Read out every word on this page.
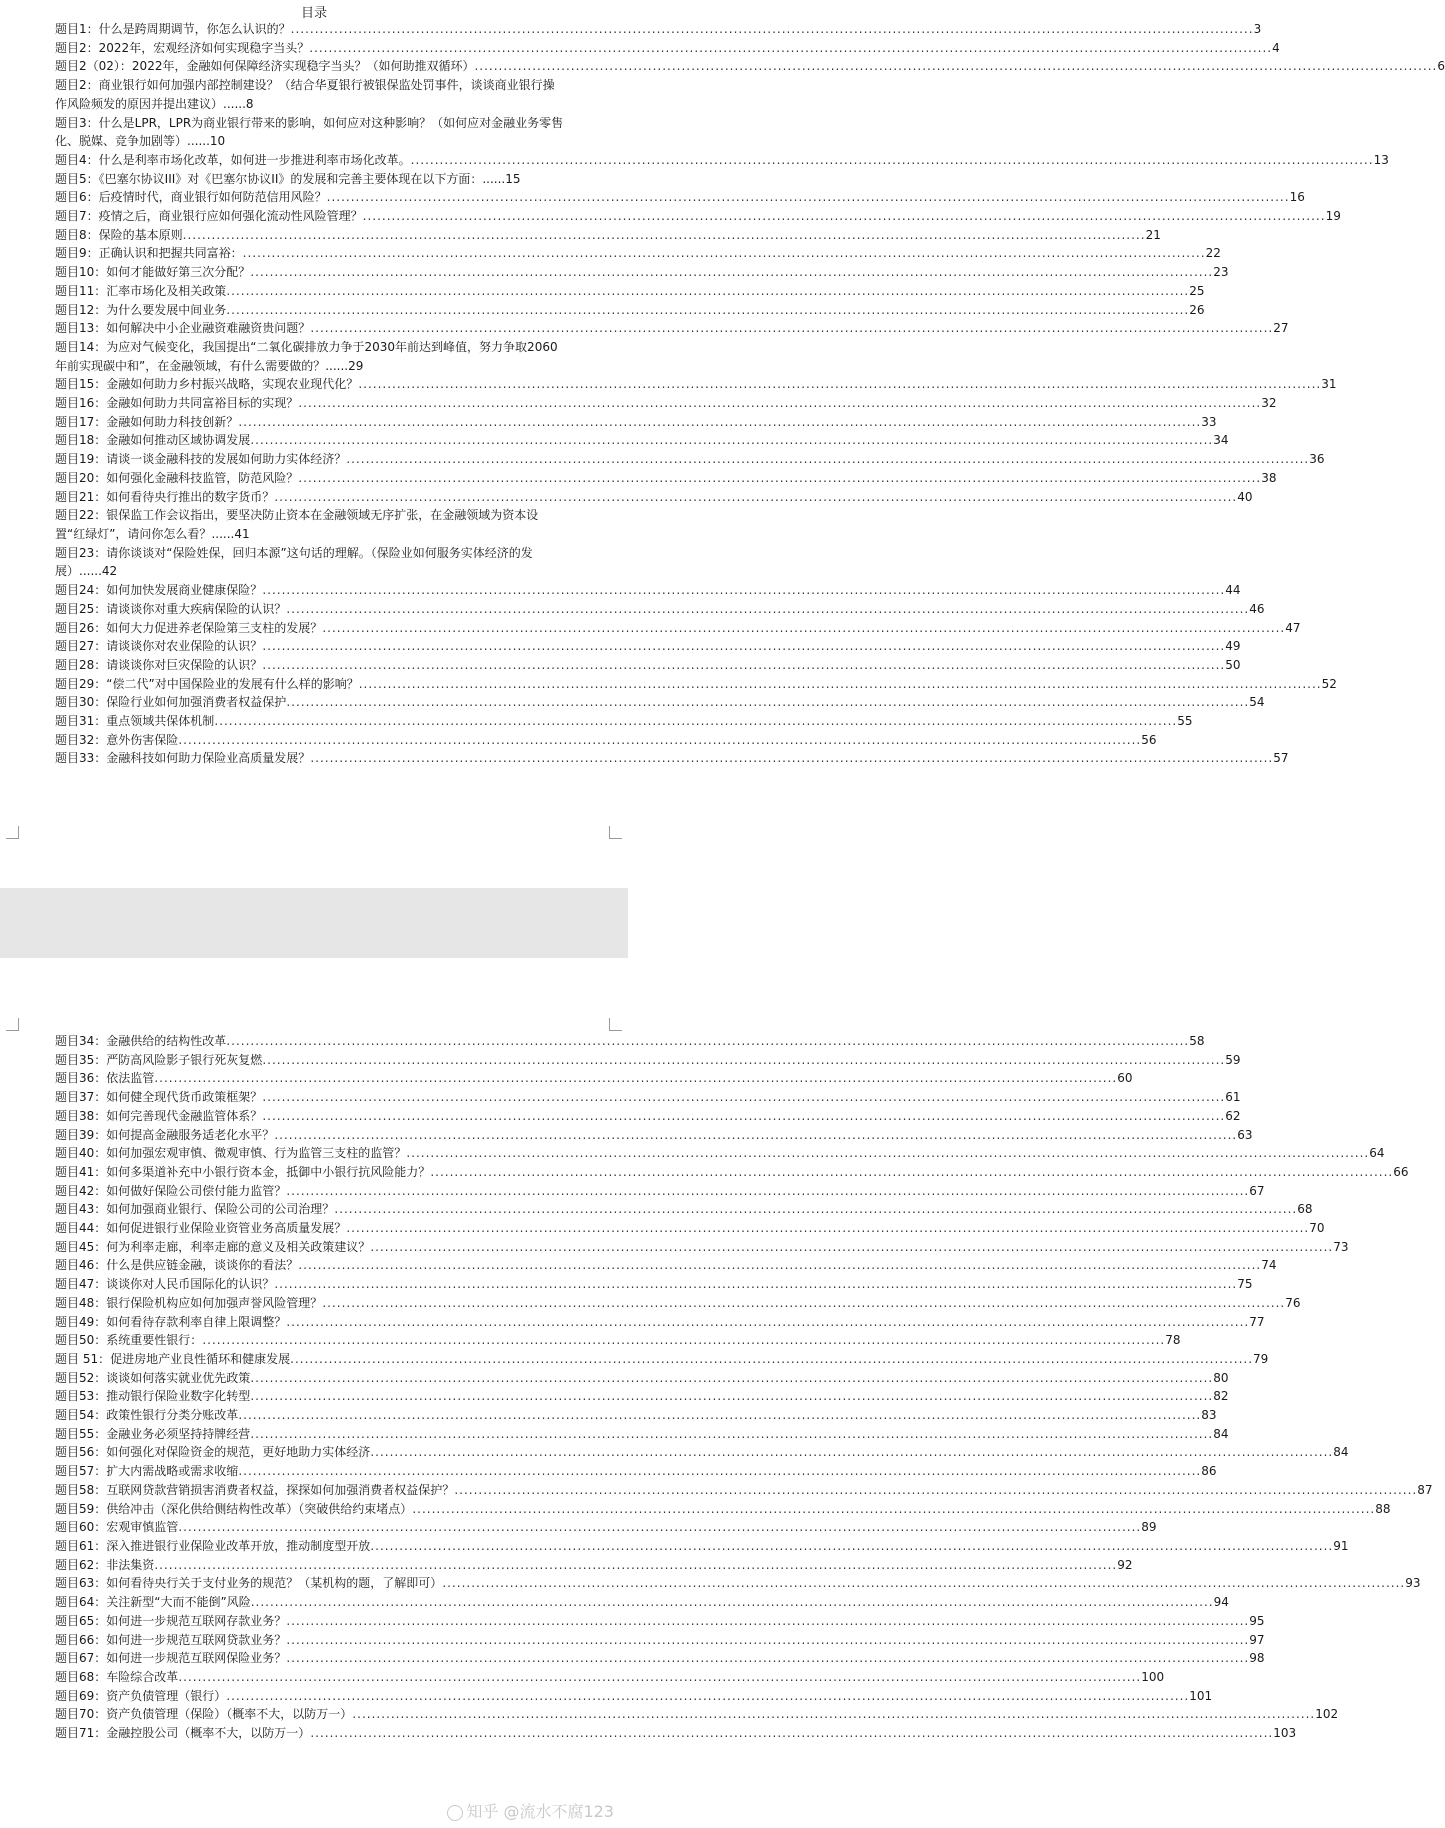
目录
题目1：什么是跨周期调节，你怎么认识的？ ........................................................................................................................................................................................................ 3
题目2：2022年，宏观经济如何实现稳字当头？ ........................................................................................................................................................................................................ 4
题目2（02）：2022年，金融如何保障经济实现稳字当头？（如何助推双循环） ........................................................................................................................................................................................................ 6
题目2：商业银行如何加强内部控制建设？（结合华夏银行被银保监处罚事件，谈谈商业银行操作风险频发的原因并提出建议）......8
题目3：什么是LPR，LPR为商业银行带来的影响，如何应对这种影响？（如何应对金融业务零售化、脱媒、竞争加剧等）......10
题目4：什么是利率市场化改革，如何进一步推进利率市场化改革。 ........................................................................................................................................................................................................ 13
题目5：《巴塞尔协议III》对《巴塞尔协议II》的发展和完善主要体现在以下方面：......15
题目6：后疫情时代，商业银行如何防范信用风险？ ........................................................................................................................................................................................................ 16
题目7：疫情之后，商业银行应如何强化流动性风险管理？ ........................................................................................................................................................................................................ 19
题目8：保险的基本原则 ........................................................................................................................................................................................................ 21
题目9：正确认识和把握共同富裕： ........................................................................................................................................................................................................ 22
题目10：如何才能做好第三次分配？ ........................................................................................................................................................................................................ 23
题目11：汇率市场化及相关政策 ........................................................................................................................................................................................................ 25
题目12：为什么要发展中间业务 ........................................................................................................................................................................................................ 26
题目13：如何解决中小企业融资难融资贵问题？ ........................................................................................................................................................................................................ 27
题目14：为应对气候变化，我国提出“二氧化碳排放力争于2030年前达到峰值，努力争取2060年前实现碳中和”，在金融领域，有什么需要做的？......29
题目15：金融如何助力乡村振兴战略，实现农业现代化？ ........................................................................................................................................................................................................ 31
题目16：金融如何助力共同富裕目标的实现？ ........................................................................................................................................................................................................ 32
题目17：金融如何助力科技创新？ ........................................................................................................................................................................................................ 33
题目18：金融如何推动区域协调发展 ........................................................................................................................................................................................................ 34
题目19：请谈一谈金融科技的发展如何助力实体经济？ ........................................................................................................................................................................................................ 36
题目20：如何强化金融科技监管，防范风险？ ........................................................................................................................................................................................................ 38
题目21：如何看待央行推出的数字货币？ ........................................................................................................................................................................................................ 40
题目22：银保监工作会议指出，要坚决防止资本在金融领域无序扩张，在金融领域为资本设置“红绿灯”，请问你怎么看？......41
题目23：请你谈谈对“保险姓保，回归本源”这句话的理解。（保险业如何服务实体经济的发展）......42
题目24：如何加快发展商业健康保险？ ........................................................................................................................................................................................................ 44
题目25：请谈谈你对重大疾病保险的认识？ ........................................................................................................................................................................................................ 46
题目26：如何大力促进养老保险第三支柱的发展？ ........................................................................................................................................................................................................ 47
题目27：请谈谈你对农业保险的认识？ ........................................................................................................................................................................................................ 49
题目28：请谈谈你对巨灾保险的认识？ ........................................................................................................................................................................................................ 50
题目29：“偿二代”对中国保险业的发展有什么样的影响？ ........................................................................................................................................................................................................ 52
题目30：保险行业如何加强消费者权益保护 ........................................................................................................................................................................................................ 54
题目31：重点领域共保体机制 ........................................................................................................................................................................................................ 55
题目32：意外伤害保险 ........................................................................................................................................................................................................ 56
题目33：金融科技如何助力保险业高质量发展？ ........................................................................................................................................................................................................ 57
题目34：金融供给的结构性改革 ........................................................................................................................................................................................................ 58
题目35：严防高风险影子银行死灰复燃 ........................................................................................................................................................................................................ 59
题目36：依法监管 ........................................................................................................................................................................................................ 60
题目37：如何健全现代货币政策框架？ ........................................................................................................................................................................................................ 61
题目38：如何完善现代金融监管体系？ ........................................................................................................................................................................................................ 62
题目39：如何提高金融服务适老化水平？ ........................................................................................................................................................................................................ 63
题目40：如何加强宏观审慎、微观审慎、行为监管三支柱的监管？ ........................................................................................................................................................................................................ 64
题目41：如何多渠道补充中小银行资本金，抵御中小银行抗风险能力？ ........................................................................................................................................................................................................ 66
题目42：如何做好保险公司偿付能力监管？ ........................................................................................................................................................................................................ 67
题目43：如何加强商业银行、保险公司的公司治理？ ........................................................................................................................................................................................................ 68
题目44：如何促进银行业保险业资管业务高质量发展？ ........................................................................................................................................................................................................ 70
题目45：何为利率走廊，利率走廊的意义及相关政策建议？ ........................................................................................................................................................................................................ 73
题目46：什么是供应链金融，谈谈你的看法？ ........................................................................................................................................................................................................ 74
题目47：谈谈你对人民币国际化的认识？ ........................................................................................................................................................................................................ 75
题目48：银行保险机构应如何加强声誉风险管理？ ........................................................................................................................................................................................................ 76
题目49：如何看待存款利率自律上限调整？ ........................................................................................................................................................................................................ 77
题目50：系统重要性银行： ........................................................................................................................................................................................................ 78
题目 51：促进房地产业良性循环和健康发展 ........................................................................................................................................................................................................ 79
题目52：谈谈如何落实就业优先政策 ........................................................................................................................................................................................................ 80
题目53：推动银行保险业数字化转型 ........................................................................................................................................................................................................ 82
题目54：政策性银行分类分账改革 ........................................................................................................................................................................................................ 83
题目55：金融业务必须坚持持牌经营 ........................................................................................................................................................................................................ 84
题目56：如何强化对保险资金的规范，更好地助力实体经济 ........................................................................................................................................................................................................ 84
题目57：扩大内需战略或需求收缩 ........................................................................................................................................................................................................ 86
题目58：互联网贷款营销损害消费者权益，探探如何加强消费者权益保护？ ........................................................................................................................................................................................................ 87
题目59：供给冲击（深化供给侧结构性改革）（突破供给约束堵点） ........................................................................................................................................................................................................ 88
题目60：宏观审慎监管 ........................................................................................................................................................................................................ 89
题目61：深入推进银行业保险业改革开放，推动制度型开放 ........................................................................................................................................................................................................ 91
题目62：非法集资 ........................................................................................................................................................................................................ 92
题目63：如何看待央行关于支付业务的规范？（某机构的题，了解即可） ........................................................................................................................................................................................................ 93
题目64：关注新型“大而不能倒”风险 ........................................................................................................................................................................................................ 94
题目65：如何进一步规范互联网存款业务？ ........................................................................................................................................................................................................ 95
题目66：如何进一步规范互联网贷款业务？ ........................................................................................................................................................................................................ 97
题目67：如何进一步规范互联网保险业务？ ........................................................................................................................................................................................................ 98
题目68：车险综合改革 ........................................................................................................................................................................................................ 100
题目69：资产负债管理（银行） ........................................................................................................................................................................................................ 101
题目70：资产负债管理（保险）（概率不大，以防万一） ........................................................................................................................................................................................................ 102
题目71：金融控股公司（概率不大，以防万一） ........................................................................................................................................................................................................ 103
知乎 @流水不腐123
